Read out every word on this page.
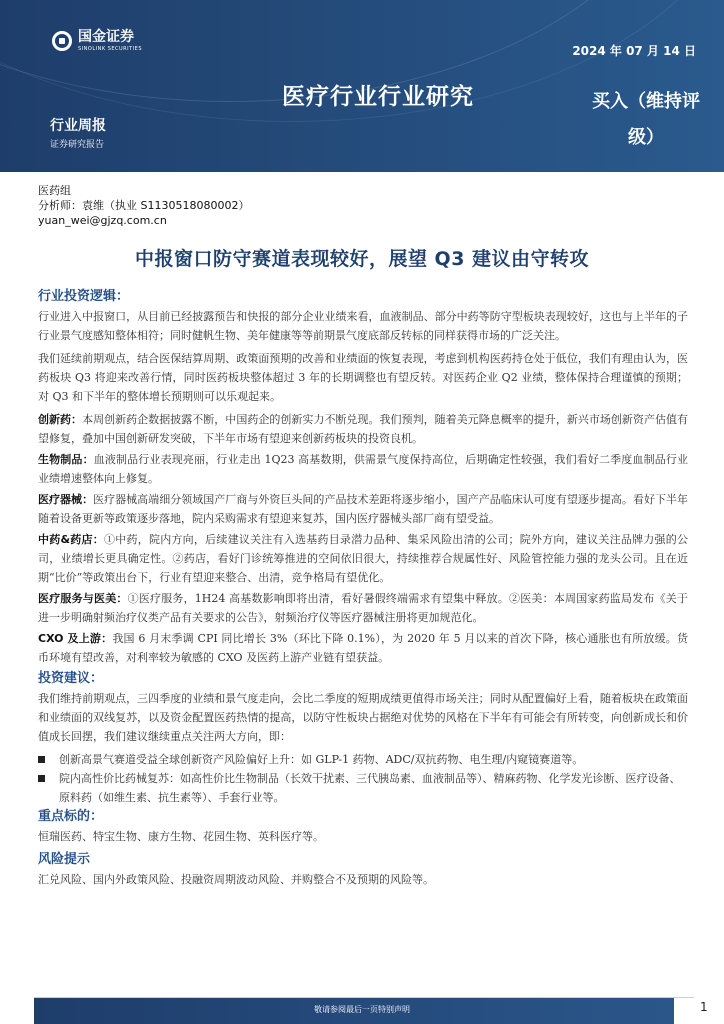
国金证券
SINOLINK SECURITIES	2024 年 07 月 14 日
医疗行业行业研究	买入（维持评级）
行业周报
证券研究报告
医药组
分析师：袁维（执业 S1130518080002）
yuan_wei@gjzq.com.cn
中报窗口防守赛道表现较好，展望 Q3 建议由守转攻

行业投资逻辑：

行业进入中报窗口，从目前已经披露预告和快报的部分企业业绩来看，血液制品、部分中药等防守型板块表现较好，这也与上半年的子行业景气度感知整体相符；同时健帆生物、美年健康等等前期景气度底部反转标的同样获得市场的广泛关注。

我们延续前期观点，结合医保结算周期、政策面预期的改善和业绩面的恢复表现，考虑到机构医药持仓处于低位，我们有理由认为，医药板块 Q3 将迎来改善行情，同时医药板块整体超过 3 年的长期调整也有望反转。对医药企业 Q2 业绩，整体保持合理谨慎的预期；对 Q3 和下半年的整体增长预期则可以乐观起来。

创新药：本周创新药企数据披露不断，中国药企的创新实力不断兑现。我们预判，随着美元降息概率的提升，新兴市场创新资产估值有望修复，叠加中国创新研发突破，下半年市场有望迎来创新药板块的投资良机。

生物制品：血液制品行业表现亮丽，行业走出 1Q23 高基数期，供需景气度保持高位，后期确定性较强，我们看好二季度血制品行业业绩增速整体向上修复。

医疗器械：医疗器械高端细分领域国产厂商与外资巨头间的产品技术差距将逐步缩小，国产产品临床认可度有望逐步提高。看好下半年随着设备更新等政策逐步落地，院内采购需求有望迎来复苏，国内医疗器械头部厂商有望受益。

中药&药店：①中药，院内方向，后续建议关注有入选基药目录潜力品种、集采风险出清的公司；院外方向，建议关注品牌力强的公司，业绩增长更具确定性。②药店，看好门诊统筹推进的空间依旧很大，持续推荐合规属性好、风险管控能力强的龙头公司。且在近期“比价”等政策出台下，行业有望迎来整合、出清，竞争格局有望优化。

医疗服务与医美：①医疗服务，1H24 高基数影响即将出清，看好暑假终端需求有望集中释放。②医美：本周国家药监局发布《关于进一步明确射频治疗仪类产品有关要求的公告》，射频治疗仪等医疗器械注册将更加规范化。

CXO 及上游：我国 6 月末季调 CPI 同比增长 3%（环比下降 0.1%），为 2020 年 5 月以来的首次下降，核心通胀也有所放缓。货币环境有望改善，对利率较为敏感的 CXO 及医药上游产业链有望获益。

投资建议：

我们维持前期观点，三四季度的业绩和景气度走向，会比二季度的短期成绩更值得市场关注；同时从配置偏好上看，随着板块在政策面和业绩面的双线复苏，以及资金配置医药热情的提高，以防守性板块占据绝对优势的风格在下半年有可能会有所转变，向创新成长和价值成长回摆，我们建议继续重点关注两大方向，即：

创新高景气赛道受益全球创新资产风险偏好上升：如 GLP-1 药物、ADC/双抗药物、电生理/内窥镜赛道等。
院内高性价比药械复苏：如高性价比生物制品（长效干扰素、三代胰岛素、血液制品等）、精麻药物、化学发光诊断、医疗设备、原料药（如维生素、抗生素等）、手套行业等。

重点标的：

恒瑞医药、特宝生物、康方生物、花园生物、英科医疗等。

风险提示

汇兑风险、国内外政策风险、投融资周期波动风险、并购整合不及预期的风险等。

敬请参阅最后一页特别声明	1
